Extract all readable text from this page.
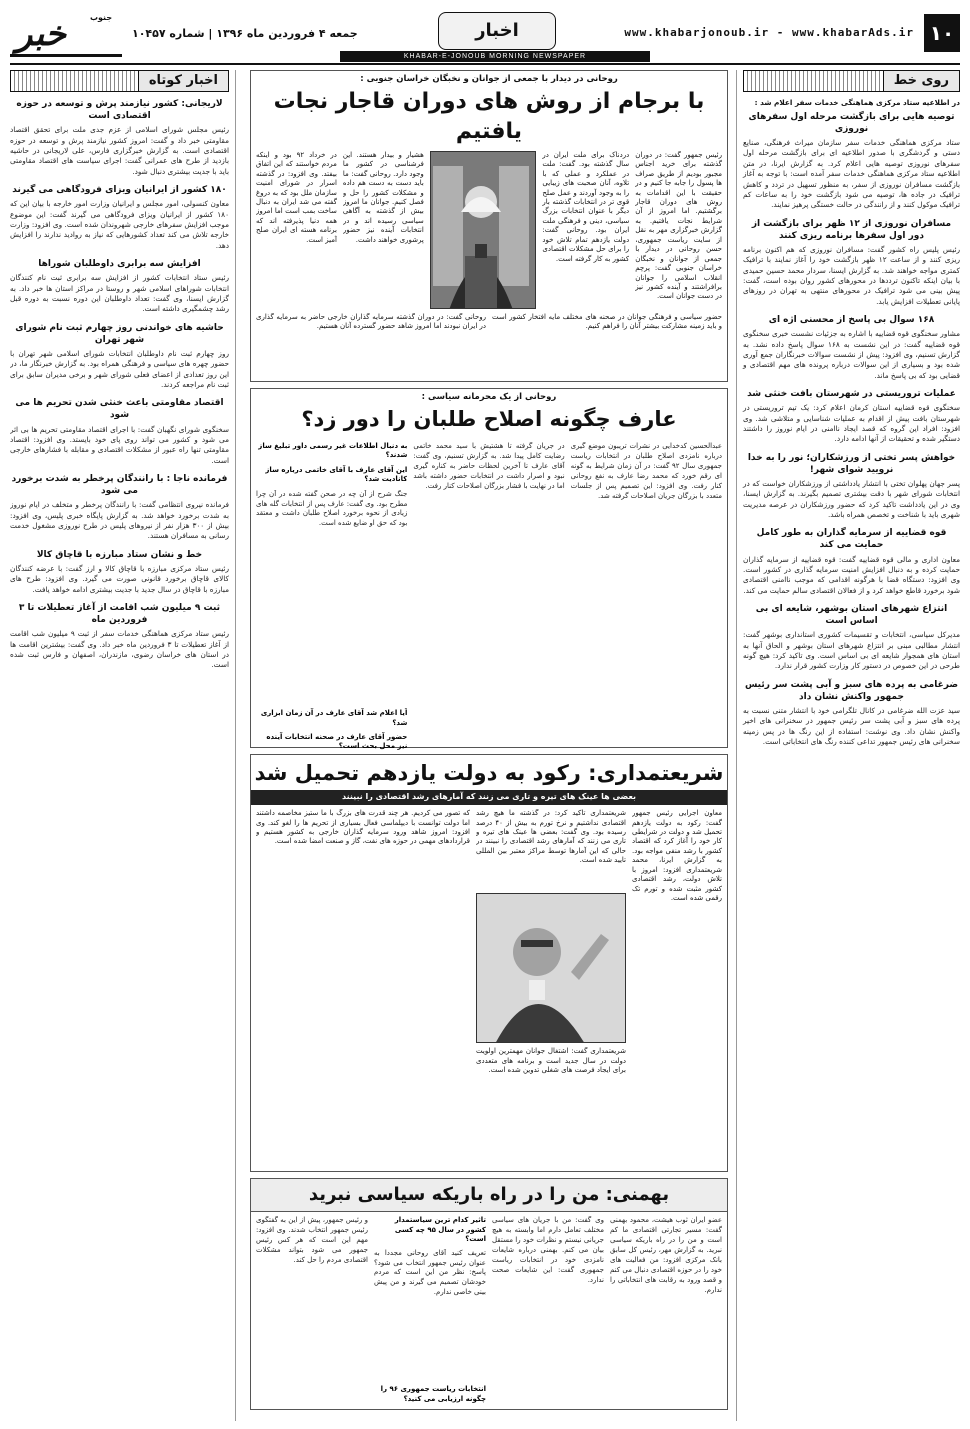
۱۰
www.khabarjonoub.ir - www.khabarAds.ir
اخبار
KHABAR-E-JONOUB MORNING NEWSPAPER
جمعه ۴ فروردین ماه ۱۳۹۶ | شماره ۱۰۴۵۷
خبر	جنوب
روی خط
در اطلاعیه ستاد مرکزی هماهنگی خدمات سفر اعلام شد :
توصیه هایی برای بازگشت مرحله اول سفرهای نوروزی

ستاد مرکزی هماهنگی خدمات سفر سازمان میراث فرهنگی، صنایع دستی و گردشگری با صدور اطلاعیه ای برای بازگشت مرحله اول سفرهای نوروزی توصیه هایی اعلام کرد. به گزارش ایرنا، در متن اطلاعیه ستاد مرکزی هماهنگی خدمات سفر آمده است: با توجه به آغاز بازگشت مسافران نوروزی از سفر، به منظور تسهیل در تردد و کاهش ترافیک در جاده ها، توصیه می شود بازگشت خود را به ساعات کم ترافیک موکول کنند و از رانندگی در حالت خستگی پرهیز نمایند.

مسافران نوروزی از ۱۲ ظهر برای بازگشت از دور اول سفرها برنامه ریزی کنند

رئیس پلیس راه کشور گفت: مسافران نوروزی که هم اکنون برنامه ریزی کنند و از ساعت ۱۲ ظهر بازگشت خود را آغاز نمایند با ترافیک کمتری مواجه خواهند شد. به گزارش ایسنا، سردار محمد حسین حمیدی با بیان اینکه تاکنون ترددها در محورهای کشور روان بوده است، گفت: پیش بینی می شود ترافیک در محورهای منتهی به تهران در روزهای پایانی تعطیلات افزایش یابد.

۱۶۸ سوال بی پاسخ از محسنی اژه ای

مشاور سخنگوی قوه قضاییه با اشاره به جزئیات نشست خبری سخنگوی قوه قضاییه گفت: در این نشست به ۱۶۸ سوال پاسخ داده نشد. به گزارش تسنیم، وی افزود: پیش از نشست سوالات خبرنگاران جمع آوری شده بود و بسیاری از این سوالات درباره پرونده های مهم اقتصادی و قضایی بود که بی پاسخ ماند.

عملیات تروریستی در شهرستان بافت خنثی شد

سخنگوی قوه قضاییه استان کرمان اعلام کرد: یک تیم تروریستی در شهرستان بافت پیش از اقدام به عملیات شناسایی و متلاشی شد. وی افزود: افراد این گروه که قصد ایجاد ناامنی در ایام نوروز را داشتند دستگیر شده و تحقیقات از آنها ادامه دارد.

خواهش پسر تختی از ورزشکاران؛ نور را به خدا نرویید شوای شهر!

پسر جهان پهلوان تختی با انتشار یادداشتی از ورزشکاران خواست که در انتخابات شورای شهر با دقت بیشتری تصمیم بگیرند. به گزارش ایسنا، وی در این یادداشت تاکید کرد که حضور ورزشکاران در عرصه مدیریت شهری باید با شناخت و تخصص همراه باشد.

قوه قضاییه از سرمایه گذاران به طور کامل حمایت می کند

معاون اداری و مالی قوه قضاییه گفت: قوه قضاییه از سرمایه گذاران حمایت کرده و به دنبال افزایش امنیت سرمایه گذاری در کشور است. وی افزود: دستگاه قضا با هرگونه اقدامی که موجب ناامنی اقتصادی شود برخورد قاطع خواهد کرد و از فعالان اقتصادی سالم حمایت می کند.

انتزاع شهرهای استان بوشهر، شایعه ای بی اساس است

مدیرکل سیاسی، انتخابات و تقسیمات کشوری استانداری بوشهر گفت: انتشار مطالبی مبنی بر انتزاع شهرهای استان بوشهر و الحاق آنها به استان های همجوار شایعه ای بی اساس است. وی تاکید کرد: هیچ گونه طرحی در این خصوص در دستور کار وزارت کشور قرار ندارد.

ضرغامی به پرده های سبز و آبی پشت سر رئیس جمهور واکنش نشان داد

سید عزت الله ضرغامی در کانال تلگرامی خود با انتشار متنی نسبت به پرده های سبز و آبی پشت سر رئیس جمهور در سخنرانی های اخیر واکنش نشان داد. وی نوشت: استفاده از این رنگ ها در پس زمینه سخنرانی های رئیس جمهور تداعی کننده رنگ های انتخاباتی است.

روحانی در دیدار با جمعی از جوانان و نخبگان خراسان جنوبی :
با برجام از روش های دوران قاجار نجات یافتیم

رئیس جمهور گفت: در دوران گذشته برای خرید اجناس مجبور بودیم از طریق صراف ها پسول را جابه جا کنیم و در حقیقت با این اقدامات به روش های دوران قاجار برگشتیم. اما امروز از آن شرایط نجات یافتیم. به گزارش خبرگزاری مهر به نقل از سایت ریاست جمهوری، حسن روحانی در دیدار با جمعی از جوانان و نخبگان خراسان جنوبی گفت: پرچم انقلاب اسلامی را جوانان برافراشتند و آینده کشور نیز در دست جوانان است.

دردناک برای ملت ایران در سال گذشته بود. گفت: ملت در عملکرد و عملی که با تلاوه، آنان صحبت های زیبایی را به وجود آوردند و عمل صلح قوی تر در انتخابات گذشته بار دیگر با عنوان انتخابات بزرگ سیاسی، دینی و فرهنگی ملت ایران بود. روحانی گفت: دولت یازدهم تمام تلاش خود را برای حل مشکلات اقتصادی کشور به کار گرفته است.

هشیار و بیدار هستند. این فرشناسی در کشور ما وجود دارد. روحانی گفت: ما باید دست به دست هم داده و مشکلات کشور را حل و فصل کنیم. جوانان ما امروز بیش از گذشته به آگاهی سیاسی رسیده اند و در انتخابات آینده نیز حضور پرشوری خواهند داشت.

در خرداد ۹۲ بود و اینکه مردم خواستند که این اتفاق بیفتد. وی افزود: در گذشته اسرار در شورای امنیت سازمان ملل بود که به دروغ گفته می شد ایران به دنبال ساخت بمب است اما امروز همه دنیا پذیرفته اند که برنامه هسته ای ایران صلح آمیز است.

حضور سیاسی و فرهنگی جوانان در صحنه های مختلف مایه افتخار کشور است و باید زمینه مشارکت بیشتر آنان را فراهم کنیم.

روحانی گفت: در دوران گذشته سرمایه گذاران خارجی حاضر به سرمایه گذاری در ایران نبودند اما امروز شاهد حضور گسترده آنان هستیم.

روحانی از یک محرمانه سیاسی :
عارف چگونه اصلاح طلبان را دور زد؟

عبدالحسین کدخدایی در نشرات تریبون موضع گیری درباره نامزدی اصلاح طلبان در انتخابات ریاست جمهوری سال ۹۲ گفت: در آن زمان شرایط به گونه ای رقم خورد که محمد رضا عارف به نفع روحانی کنار رفت. وی افزود: این تصمیم پس از جلسات متعدد با بزرگان جریان اصلاحات گرفته شد.

در جریان گرفته تا هشتیش با سید محمد خاتمی رضایت کامل پیدا شد. به گزارش تسنیم، وی گفت: آقای عارف تا آخرین لحظات حاضر به کناره گیری نبود و اصرار داشت در انتخابات حضور داشته باشد اما در نهایت با فشار بزرگان اصلاحات کنار رفت.

به دنبال اطلاعات غیر رسمی داور تبلیغ ساز شدند؟
این آقای عارف با آقای خاتمی درباره ساز کانادیت شد؟

جنگ شرح از آن چه در صحن گفته شده در آن چرا مطرح بود. وی گفت: عارف پس از انتخابات گله های زیادی از نحوه برخورد اصلاح طلبان داشت و معتقد بود که حق او ضایع شده است.

آیا اعلام شد آقای عارف در آن زمان ابزاری شد؟
حضور آقای عارف در صحنه انتخابات آینده نیز محل بحث است؟
شریعتمداری: رکود به دولت یازدهم تحمیل شد
بعضی ها عینک های تیره و تاری می زنند که آمارهای رشد اقتصادی را نبینند

معاون اجرایی رئیس جمهور گفت: رکود به دولت یازدهم تحمیل شد و دولت در شرایطی کار خود را آغاز کرد که اقتصاد کشور با رشد منفی مواجه بود. به گزارش ایرنا، محمد شریعتمداری افزود: امروز با تلاش دولت، رشد اقتصادی کشور مثبت شده و تورم تک رقمی شده است.

شریعتمداری تاکید کرد: در گذشته ما هیچ رشد اقتصادی نداشتیم و نرخ تورم به بیش از ۴۰ درصد رسیده بود. وی گفت: بعضی ها عینک های تیره و تاری می زنند که آمارهای رشد اقتصادی را نبینند در حالی که این آمارها توسط مراکز معتبر بین المللی تایید شده است.

شریعتمداری گفت: اشتغال جوانان مهمترین اولویت دولت در سال جدید است و برنامه های متعددی برای ایجاد فرصت های شغلی تدوین شده است.

که تصور می کردیم. هر چند قدرت های بزرگ با ما ستیز مخاصمه داشتند اما دولت توانست با دیپلماسی فعال بسیاری از تحریم ها را لغو کند. وی افزود: امروز شاهد ورود سرمایه گذاران خارجی به کشور هستیم و قراردادهای مهمی در حوزه های نفت، گاز و صنعت امضا شده است.

بهمنی: من را در راه باریکه سیاسی نبرید

عضو ایران ثوب هیشت، محمود بهمنی گفت: مسیر تجارتی اقتصادی ما کم است و من را در راه باریکه سیاسی نبرید. به گزارش مهر، رئیس کل سابق بانک مرکزی افزود: من فعالیت های خود را در حوزه اقتصادی دنبال می کنم و قصد ورود به رقابت های انتخاباتی را ندارم.

وی گفت: من با جریان های سیاسی مختلف تعامل دارم اما وابسته به هیچ جریانی نیستم و نظرات خود را مستقل بیان می کنم. بهمنی درباره شایعات نامزدی خود در انتخابات ریاست جمهوری گفت: این شایعات صحت ندارد.

تاثیر کدام ترین سیاستمدار کشور در سال ۹۵ چه کسی است؟

تعریف کنید آقای روحانی مجددا به عنوان رئیس جمهور انتخاب می شود؟ پاسخ: نظر من این است که مردم خودشان تصمیم می گیرند و من پیش بینی خاصی ندارم.

انتخابات ریاست جمهوری ۹۶ را چگونه ارزیابی می کنید؟

و رئیس جمهور، پیش از این به گفتگوی رئیس جمهور انتخاب شدند. وی افزود: مهم این است که هر کس رئیس جمهور می شود بتواند مشکلات اقتصادی مردم را حل کند.

اخبار کوتاه
لاریجانی: کشور نیازمند پرش و توسعه در حوزه اقتصادی است

رئیس مجلس شورای اسلامی از عزم جدی ملت برای تحقق اقتصاد مقاومتی خبر داد و گفت: امروز کشور نیازمند پرش و توسعه در حوزه اقتصادی است. به گزارش خبرگزاری فارس، علی لاریجانی در حاشیه بازدید از طرح های عمرانی گفت: اجرای سیاست های اقتصاد مقاومتی باید با جدیت بیشتری دنبال شود.

۱۸۰ کشور از ایرانیان ویزای فرودگاهی می گیرند

معاون کنسولی، امور مجلس و ایرانیان وزارت امور خارجه با بیان این که ۱۸۰ کشور از ایرانیان ویزای فرودگاهی می گیرند گفت: این موضوع موجب افزایش سفرهای خارجی شهروندان شده است. وی افزود: وزارت خارجه تلاش می کند تعداد کشورهایی که نیاز به روادید ندارند را افزایش دهد.

افزایش سه برابری داوطلبان شوراها

رئیس ستاد انتخابات کشور از افزایش سه برابری ثبت نام کنندگان انتخابات شوراهای اسلامی شهر و روستا در مراکز استان ها خبر داد. به گزارش ایسنا، وی گفت: تعداد داوطلبان این دوره نسبت به دوره قبل رشد چشمگیری داشته است.

حاشیه های خواندنی روز چهارم ثبت نام شورای شهر تهران

روز چهارم ثبت نام داوطلبان انتخابات شورای اسلامی شهر تهران با حضور چهره های سیاسی و فرهنگی همراه بود. به گزارش خبرنگار ما، در این روز تعدادی از اعضای فعلی شورای شهر و برخی مدیران سابق برای ثبت نام مراجعه کردند.

اقتصاد مقاومتی باعث خنثی شدن تحریم ها می شود

سخنگوی شورای نگهبان گفت: با اجرای اقتصاد مقاومتی تحریم ها بی اثر می شود و کشور می تواند روی پای خود بایستد. وی افزود: اقتصاد مقاومتی تنها راه عبور از مشکلات اقتصادی و مقابله با فشارهای خارجی است.

فرمانده ناجا : با رانندگان پرخطر به شدت برخورد می شود

فرمانده نیروی انتظامی گفت: با رانندگان پرخطر و متخلف در ایام نوروز به شدت برخورد خواهد شد. به گزارش پایگاه خبری پلیس، وی افزود: بیش از ۳۰۰ هزار نفر از نیروهای پلیس در طرح نوروزی مشغول خدمت رسانی به مسافران هستند.

خط و نشان ستاد مبارزه با قاچاق کالا

رئیس ستاد مرکزی مبارزه با قاچاق کالا و ارز گفت: با عرضه کنندگان کالای قاچاق برخورد قانونی صورت می گیرد. وی افزود: طرح های مبارزه با قاچاق در سال جدید با جدیت بیشتری ادامه خواهد یافت.

ثبت ۹ میلیون شب اقامت از آغاز تعطیلات تا ۳ فروردین ماه

رئیس ستاد مرکزی هماهنگی خدمات سفر از ثبت ۹ میلیون شب اقامت از آغاز تعطیلات تا ۳ فروردین ماه خبر داد. وی گفت: بیشترین اقامت ها در استان های خراسان رضوی، مازندران، اصفهان و فارس ثبت شده است.
